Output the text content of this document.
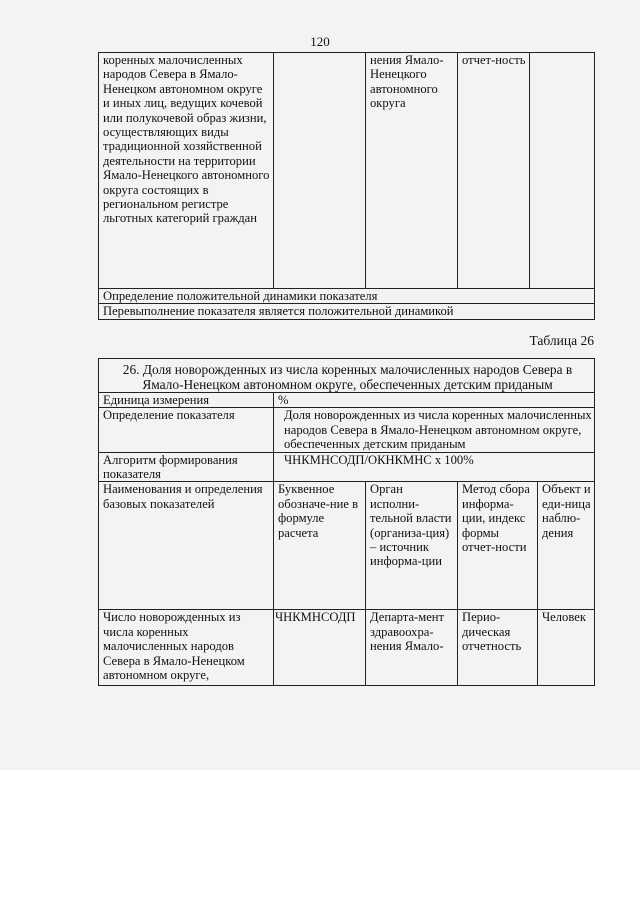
120
коренных малочисленных народов Севера в Ямало-Ненецком автономном округе и иных лиц, ведущих кочевой или полукочевой образ жизни, осуществляющих виды традиционной хозяйственной деятельности на территории Ямало-Ненецкого автономного округа состоящих в региональном регистре льготных категорий граждан		нения Ямало-Ненецкого автономного округа	отчет-ность	
Определение положительной динамики показателя
Перевыполнение показателя является положительной динамикой
Таблица 26
26. Доля новорожденных из числа коренных малочисленных народов Севера в Ямало-Ненецком автономном округе, обеспеченных детским приданым				
Единица измерения	%			
Определение показателя	Доля новорожденных из числа коренных малочисленных народов Севера в Ямало-Ненецком автономном округе, обеспеченных детским приданым			
Алгоритм формирования показателя	ЧНКМНСОДП/ОКНКМНС х 100%			
Наименования и определения базовых показателей	Буквенное обозначе-ние в формуле расчета	Орган исполни-тельной власти (организа-ция) – источник информа-ции	Метод сбора информа-ции, индекс формы отчет-ности	Объект и еди-ница наблю-дения
Число новорожденных из числа коренных малочисленных народов Севера в Ямало-Ненецком автономном округе,	ЧНКМНСОДП	Департа-мент здравоохра-нения Ямало-	Перио-дическая отчетность	Человек
